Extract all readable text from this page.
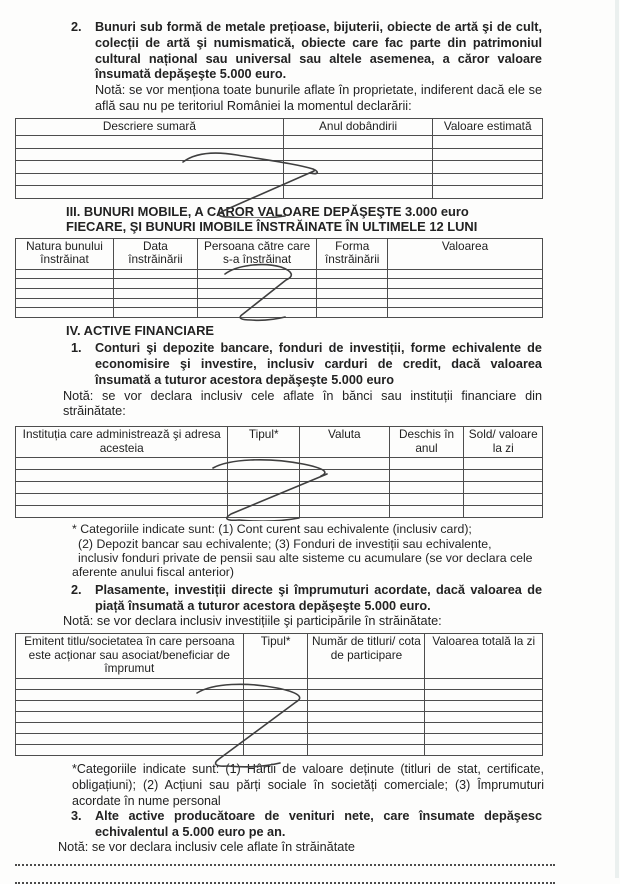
2. Bunuri sub formă de metale prețioase, bijuterii, obiecte de artă şi de cult, colecții de artă şi numismatică, obiecte care fac parte din patrimoniul cultural național sau universal sau altele asemenea, a căror valoare însumată depăşeşte 5.000 euro.
Notă: se vor menționa toate bunurile aflate în proprietate, indiferent dacă ele se află sau nu pe teritoriul României la momentul declarării:
Descriere sumară	Anul dobândirii	Valoare estimată

III. BUNURI MOBILE, A CAROR VALOARE DEPĂŞEŞTE 3.000 euro
FIECARE, ŞI BUNURI IMOBILE ÎNSTRĂINATE ÎN ULTIMELE 12 LUNI
Natura bunului înstrăinat	Data înstrăinării	Persoana către care s-a înstrăinat	Forma înstrăinării	Valoarea

IV. ACTIVE FINANCIARE
1. Conturi şi depozite bancare, fonduri de investiții, forme echivalente de economisire şi investire, inclusiv carduri de credit, dacă valoarea însumată a tuturor acestora depăşeşte 5.000 euro
Notă: se vor declara inclusiv cele aflate în bănci sau instituții financiare din străinătate:
Instituția care administrează şi adresa acesteia	Tipul*	Valuta	Deschis în anul	Sold/ valoare la zi

* Categoriile indicate sunt: (1) Cont curent sau echivalente (inclusiv card);
(2) Depozit bancar sau echivalente; (3) Fonduri de investiții sau echivalente,
inclusiv fonduri private de pensii sau alte sisteme cu acumulare (se vor declara cele
aferente anului fiscal anterior)
2. Plasamente, investiții directe şi împrumuturi acordate, dacă valoarea de piață însumată a tuturor acestora depăşeşte 5.000 euro.
Notă: se vor declara inclusiv investițiile şi participările în străinătate:
Emitent titlu/societatea în care persoana este acționar sau asociat/beneficiar de împrumut	Tipul*	Număr de titluri/ cota de participare	Valoarea totală la zi

*Categoriile indicate sunt: (1) Hârtii de valoare deținute (titluri de stat, certificate, obligațiuni); (2) Acțiuni sau părți sociale în societăți comerciale; (3) Împrumuturi acordate în nume personal
3. Alte active producătoare de venituri nete, care însumate depăşesc echivalentul a 5.000 euro pe an.
Notă: se vor declara inclusiv cele aflate în străinătate
